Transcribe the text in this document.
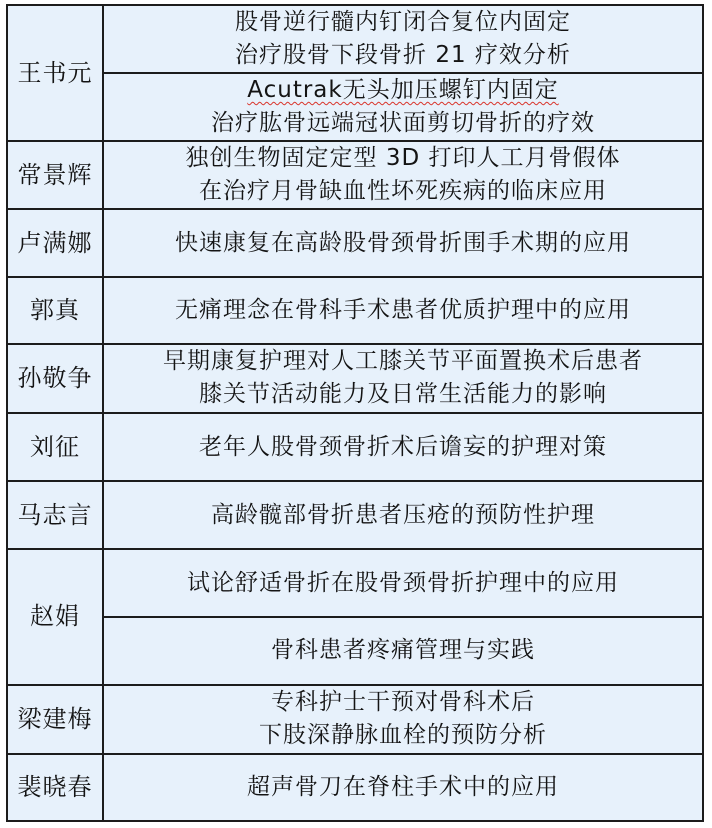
王书元	股骨逆行髓内钉闭合复位内固定
治疗股骨下段骨折 21 疗效分析

	Acutrak无头加压螺钉内固定
治疗肱骨远端冠状面剪切骨折的疗效

常景辉	独创生物固定定型 3D 打印人工月骨假体
在治疗月骨缺血性坏死疾病的临床应用

卢满娜	快速康复在高龄股骨颈骨折围手术期的应用

郭真	无痛理念在骨科手术患者优质护理中的应用

孙敬争	早期康复护理对人工膝关节平面置换术后患者
膝关节活动能力及日常生活能力的影响

刘征	老年人股骨颈骨折术后谵妄的护理对策

马志言	高龄髋部骨折患者压疮的预防性护理

赵娟	试论舒适骨折在股骨颈骨折护理中的应用

	骨科患者疼痛管理与实践

梁建梅	专科护士干预对骨科术后
下肢深静脉血栓的预防分析

裴晓春	超声骨刀在脊柱手术中的应用
